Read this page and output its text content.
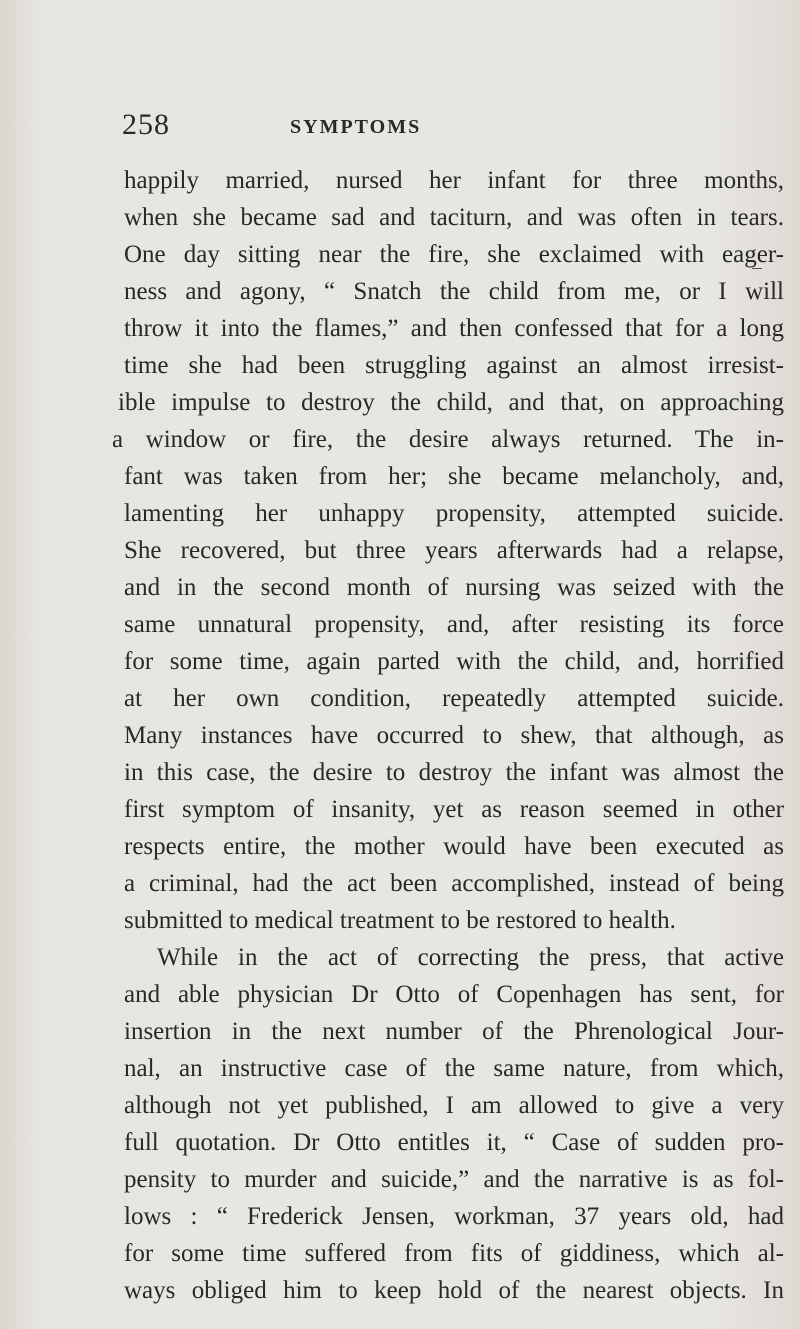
258	SYMPTOMS
happily married, nursed her infant for three months,
when she became sad and taciturn, and was often in tears.
One day sitting near the fire, she exclaimed with eager-
ness and agony, “ Snatch the child from me, or I will
throw it into the flames,” and then confessed that for a long
time she had been struggling against an almost irresist-
ible impulse to destroy the child, and that, on approaching
a window or fire, the desire always returned. The in-
fant was taken from her; she became melancholy, and,
lamenting her unhappy propensity, attempted suicide.
She recovered, but three years afterwards had a relapse,
and in the second month of nursing was seized with the
same unnatural propensity, and, after resisting its force
for some time, again parted with the child, and, horrified
at her own condition, repeatedly attempted suicide.
Many instances have occurred to shew, that although, as
in this case, the desire to destroy the infant was almost the
first symptom of insanity, yet as reason seemed in other
respects entire, the mother would have been executed as
a criminal, had the act been accomplished, instead of being
submitted to medical treatment to be restored to health.
While in the act of correcting the press, that active
and able physician Dr Otto of Copenhagen has sent, for
insertion in the next number of the Phrenological Jour-
nal, an instructive case of the same nature, from which,
although not yet published, I am allowed to give a very
full quotation. Dr Otto entitles it, “ Case of sudden pro-
pensity to murder and suicide,” and the narrative is as fol-
lows : “ Frederick Jensen, workman, 37 years old, had
for some time suffered from fits of giddiness, which al-
ways obliged him to keep hold of the nearest objects. In
